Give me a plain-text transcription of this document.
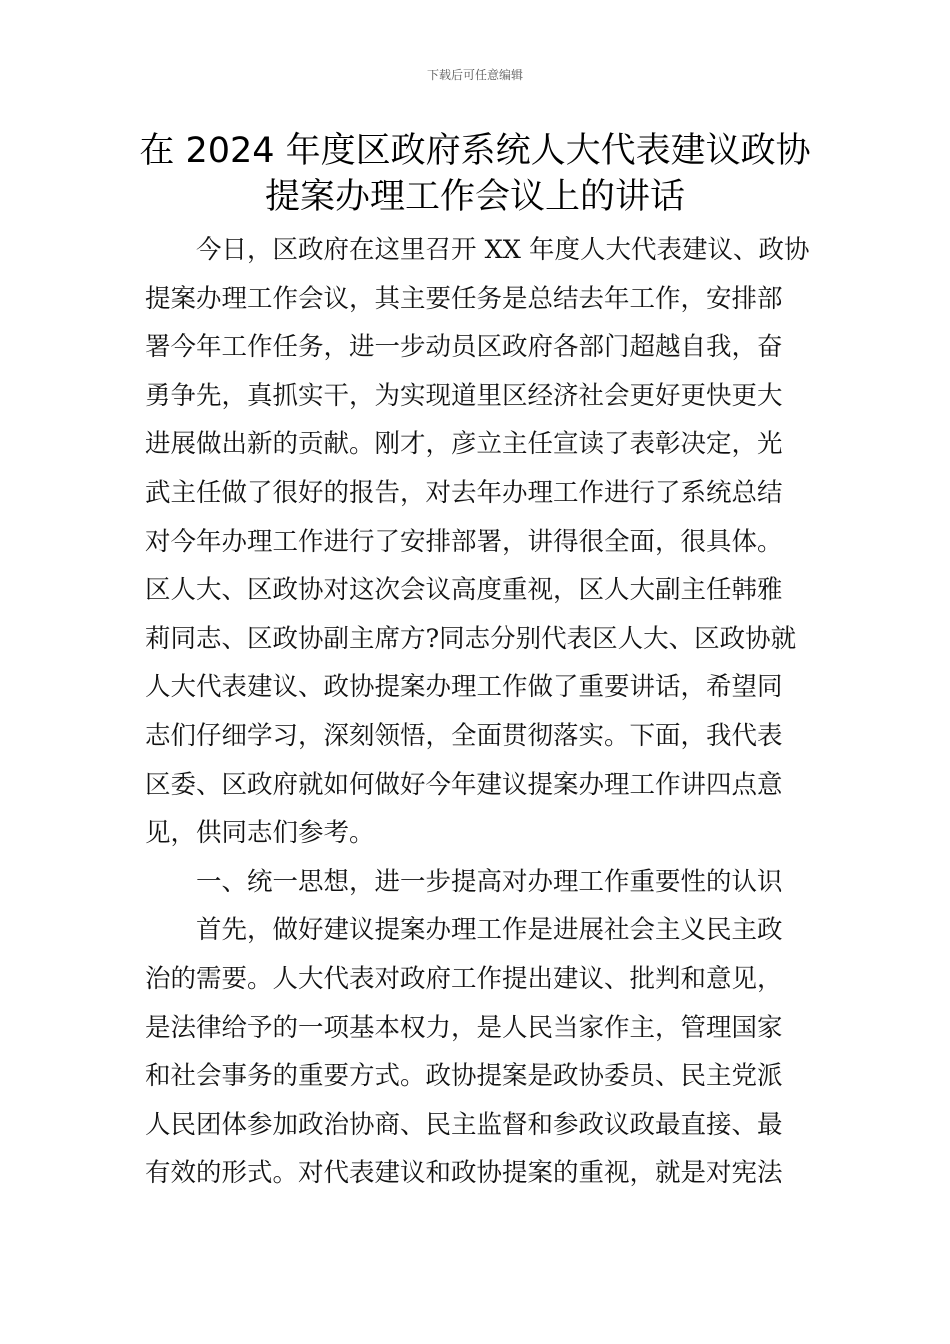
下载后可任意编辑
在 2024 年度区政府系统人大代表建议政协
提案办理工作会议上的讲话
今日，区政府在这里召开 XX 年度人大代表建议、政协
提案办理工作会议，其主要任务是总结去年工作，安排部
署今年工作任务，进一步动员区政府各部门超越自我，奋
勇争先，真抓实干，为实现道里区经济社会更好更快更大
进展做出新的贡献。刚才，彦立主任宣读了表彰决定，光
武主任做了很好的报告，对去年办理工作进行了系统总结
对今年办理工作进行了安排部署，讲得很全面，很具体。
区人大、区政协对这次会议高度重视，区人大副主任韩雅
莉同志、区政协副主席方?同志分别代表区人大、区政协就
人大代表建议、政协提案办理工作做了重要讲话，希望同
志们仔细学习，深刻领悟，全面贯彻落实。下面，我代表
区委、区政府就如何做好今年建议提案办理工作讲四点意
见，供同志们参考。
一、统一思想，进一步提高对办理工作重要性的认识
首先，做好建议提案办理工作是进展社会主义民主政
治的需要。人大代表对政府工作提出建议、批判和意见，
是法律给予的一项基本权力，是人民当家作主，管理国家
和社会事务的重要方式。政协提案是政协委员、民主党派
人民团体参加政治协商、民主监督和参政议政最直接、最
有效的形式。对代表建议和政协提案的重视，就是对宪法
